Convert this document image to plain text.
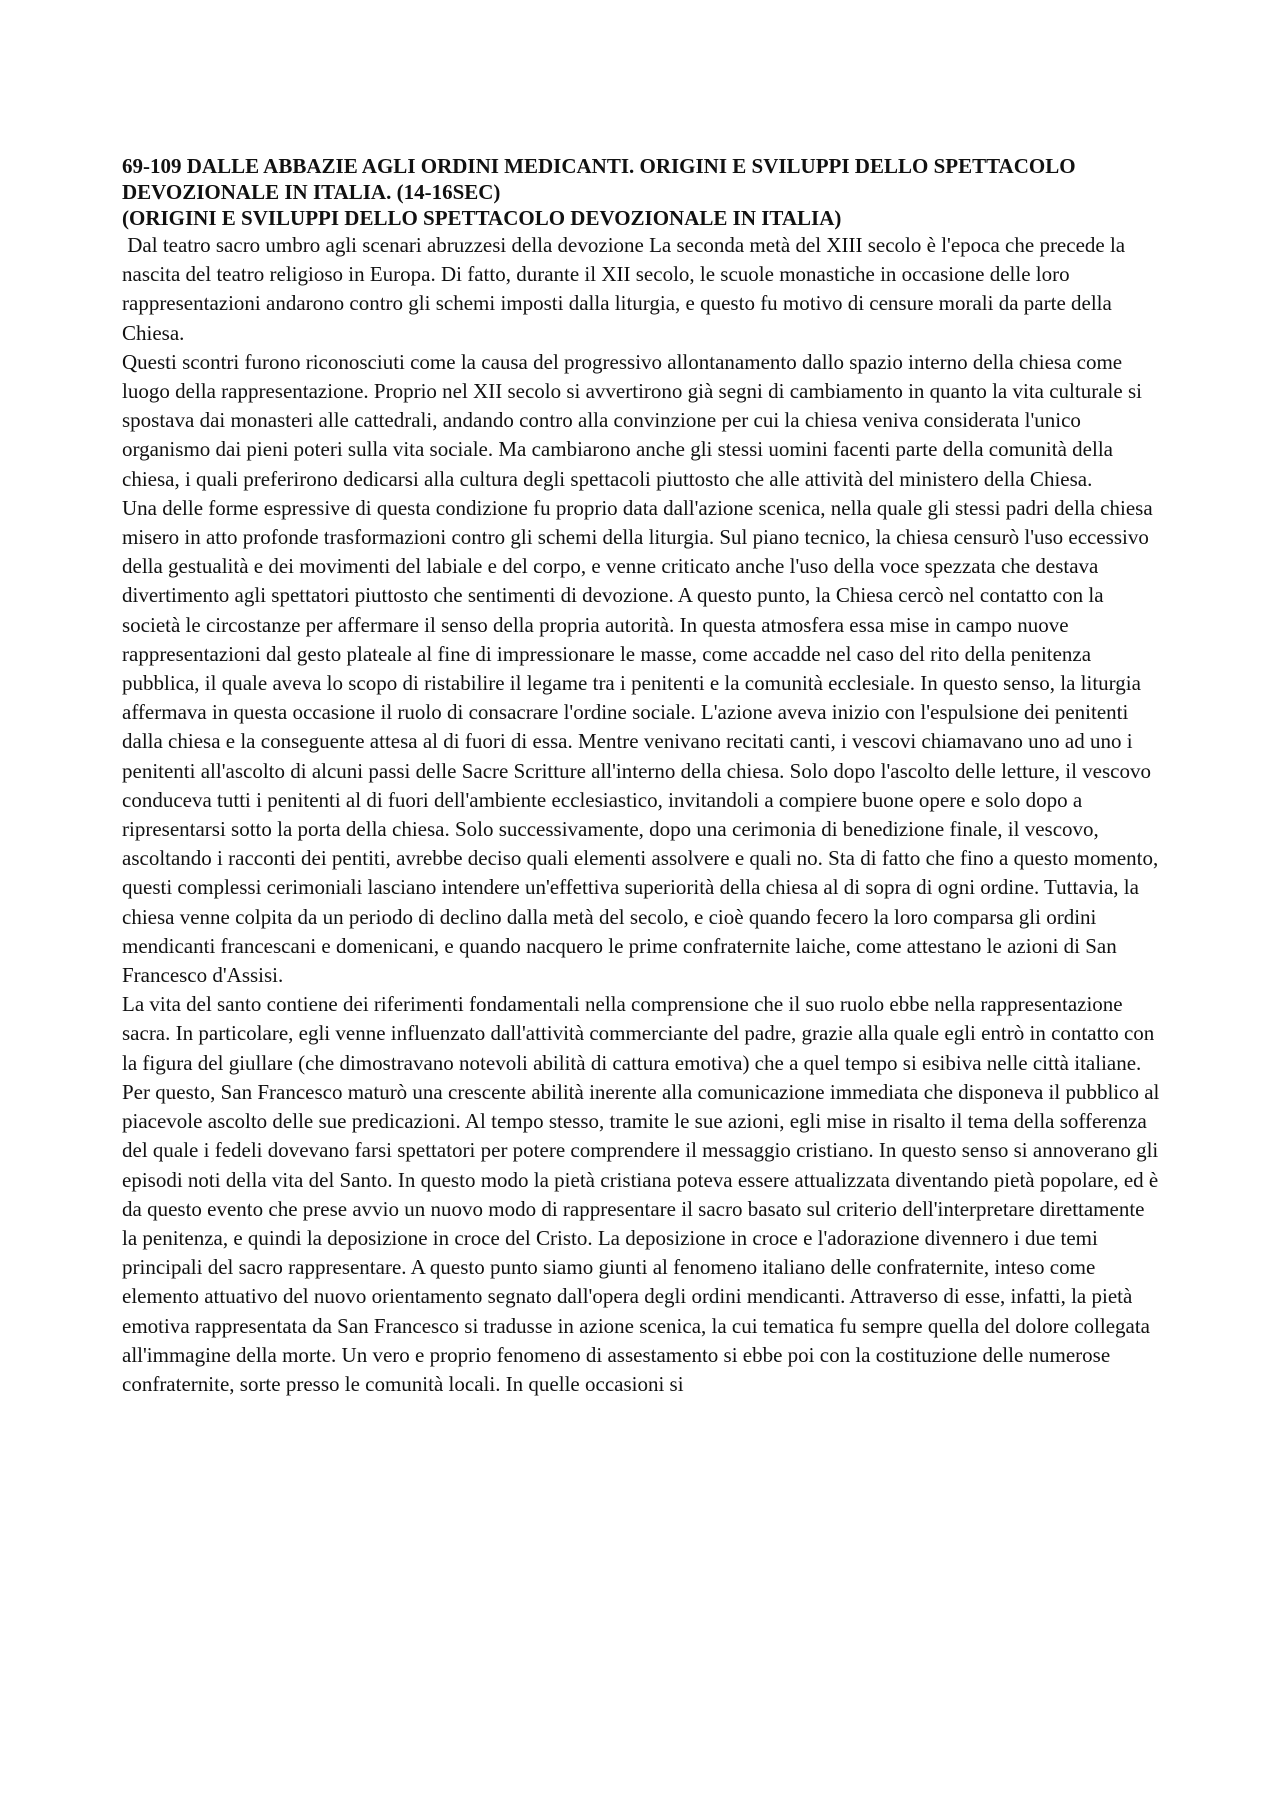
69-109 DALLE ABBAZIE AGLI ORDINI MEDICANTI. ORIGINI E SVILUPPI DELLO SPETTACOLO DEVOZIONALE IN ITALIA. (14-16SEC)
(ORIGINI E SVILUPPI DELLO SPETTACOLO DEVOZIONALE IN ITALIA)

Dal teatro sacro umbro agli scenari abruzzesi della devozione La seconda metà del XIII secolo è l'epoca che precede la nascita del teatro religioso in Europa. Di fatto, durante il XII secolo, le scuole monastiche in occasione delle loro rappresentazioni andarono contro gli schemi imposti dalla liturgia, e questo fu motivo di censure morali da parte della Chiesa.

Questi scontri furono riconosciuti come la causa del progressivo allontanamento dallo spazio interno della chiesa come luogo della rappresentazione. Proprio nel XII secolo si avvertirono già segni di cambiamento in quanto la vita culturale si spostava dai monasteri alle cattedrali, andando contro alla convinzione per cui la chiesa veniva considerata l'unico organismo dai pieni poteri sulla vita sociale. Ma cambiarono anche gli stessi uomini facenti parte della comunità della chiesa, i quali preferirono dedicarsi alla cultura degli spettacoli piuttosto che alle attività del ministero della Chiesa.

Una delle forme espressive di questa condizione fu proprio data dall'azione scenica, nella quale gli stessi padri della chiesa misero in atto profonde trasformazioni contro gli schemi della liturgia. Sul piano tecnico, la chiesa censurò l'uso eccessivo della gestualità e dei movimenti del labiale e del corpo, e venne criticato anche l'uso della voce spezzata che destava divertimento agli spettatori piuttosto che sentimenti di devozione. A questo punto, la Chiesa cercò nel contatto con la società le circostanze per affermare il senso della propria autorità. In questa atmosfera essa mise in campo nuove rappresentazioni dal gesto plateale al fine di impressionare le masse, come accadde nel caso del rito della penitenza pubblica, il quale aveva lo scopo di ristabilire il legame tra i penitenti e la comunità ecclesiale. In questo senso, la liturgia affermava in questa occasione il ruolo di consacrare l'ordine sociale. L'azione aveva inizio con l'espulsione dei penitenti dalla chiesa e la conseguente attesa al di fuori di essa. Mentre venivano recitati canti, i vescovi chiamavano uno ad uno i penitenti all'ascolto di alcuni passi delle Sacre Scritture all'interno della chiesa. Solo dopo l'ascolto delle letture, il vescovo conduceva tutti i penitenti al di fuori dell'ambiente ecclesiastico, invitandoli a compiere buone opere e solo dopo a ripresentarsi sotto la porta della chiesa. Solo successivamente, dopo una cerimonia di benedizione finale, il vescovo, ascoltando i racconti dei pentiti, avrebbe deciso quali elementi assolvere e quali no. Sta di fatto che fino a questo momento, questi complessi cerimoniali lasciano intendere un'effettiva superiorità della chiesa al di sopra di ogni ordine. Tuttavia, la chiesa venne colpita da un periodo di declino dalla metà del secolo, e cioè quando fecero la loro comparsa gli ordini mendicanti francescani e domenicani, e quando nacquero le prime confraternite laiche, come attestano le azioni di San Francesco d'Assisi.

La vita del santo contiene dei riferimenti fondamentali nella comprensione che il suo ruolo ebbe nella rappresentazione sacra. In particolare, egli venne influenzato dall'attività commerciante del padre, grazie alla quale egli entrò in contatto con la figura del giullare (che dimostravano notevoli abilità di cattura emotiva) che a quel tempo si esibiva nelle città italiane. Per questo, San Francesco maturò una crescente abilità inerente alla comunicazione immediata che disponeva il pubblico al piacevole ascolto delle sue predicazioni. Al tempo stesso, tramite le sue azioni, egli mise in risalto il tema della sofferenza del quale i fedeli dovevano farsi spettatori per potere comprendere il messaggio cristiano. In questo senso si annoverano gli episodi noti della vita del Santo. In questo modo la pietà cristiana poteva essere attualizzata diventando pietà popolare, ed è da questo evento che prese avvio un nuovo modo di rappresentare il sacro basato sul criterio dell'interpretare direttamente la penitenza, e quindi la deposizione in croce del Cristo. La deposizione in croce e l'adorazione divennero i due temi principali del sacro rappresentare. A questo punto siamo giunti al fenomeno italiano delle confraternite, inteso come elemento attuativo del nuovo orientamento segnato dall'opera degli ordini mendicanti. Attraverso di esse, infatti, la pietà emotiva rappresentata da San Francesco si tradusse in azione scenica, la cui tematica fu sempre quella del dolore collegata all'immagine della morte. Un vero e proprio fenomeno di assestamento si ebbe poi con la costituzione delle numerose confraternite, sorte presso le comunità locali. In quelle occasioni si
